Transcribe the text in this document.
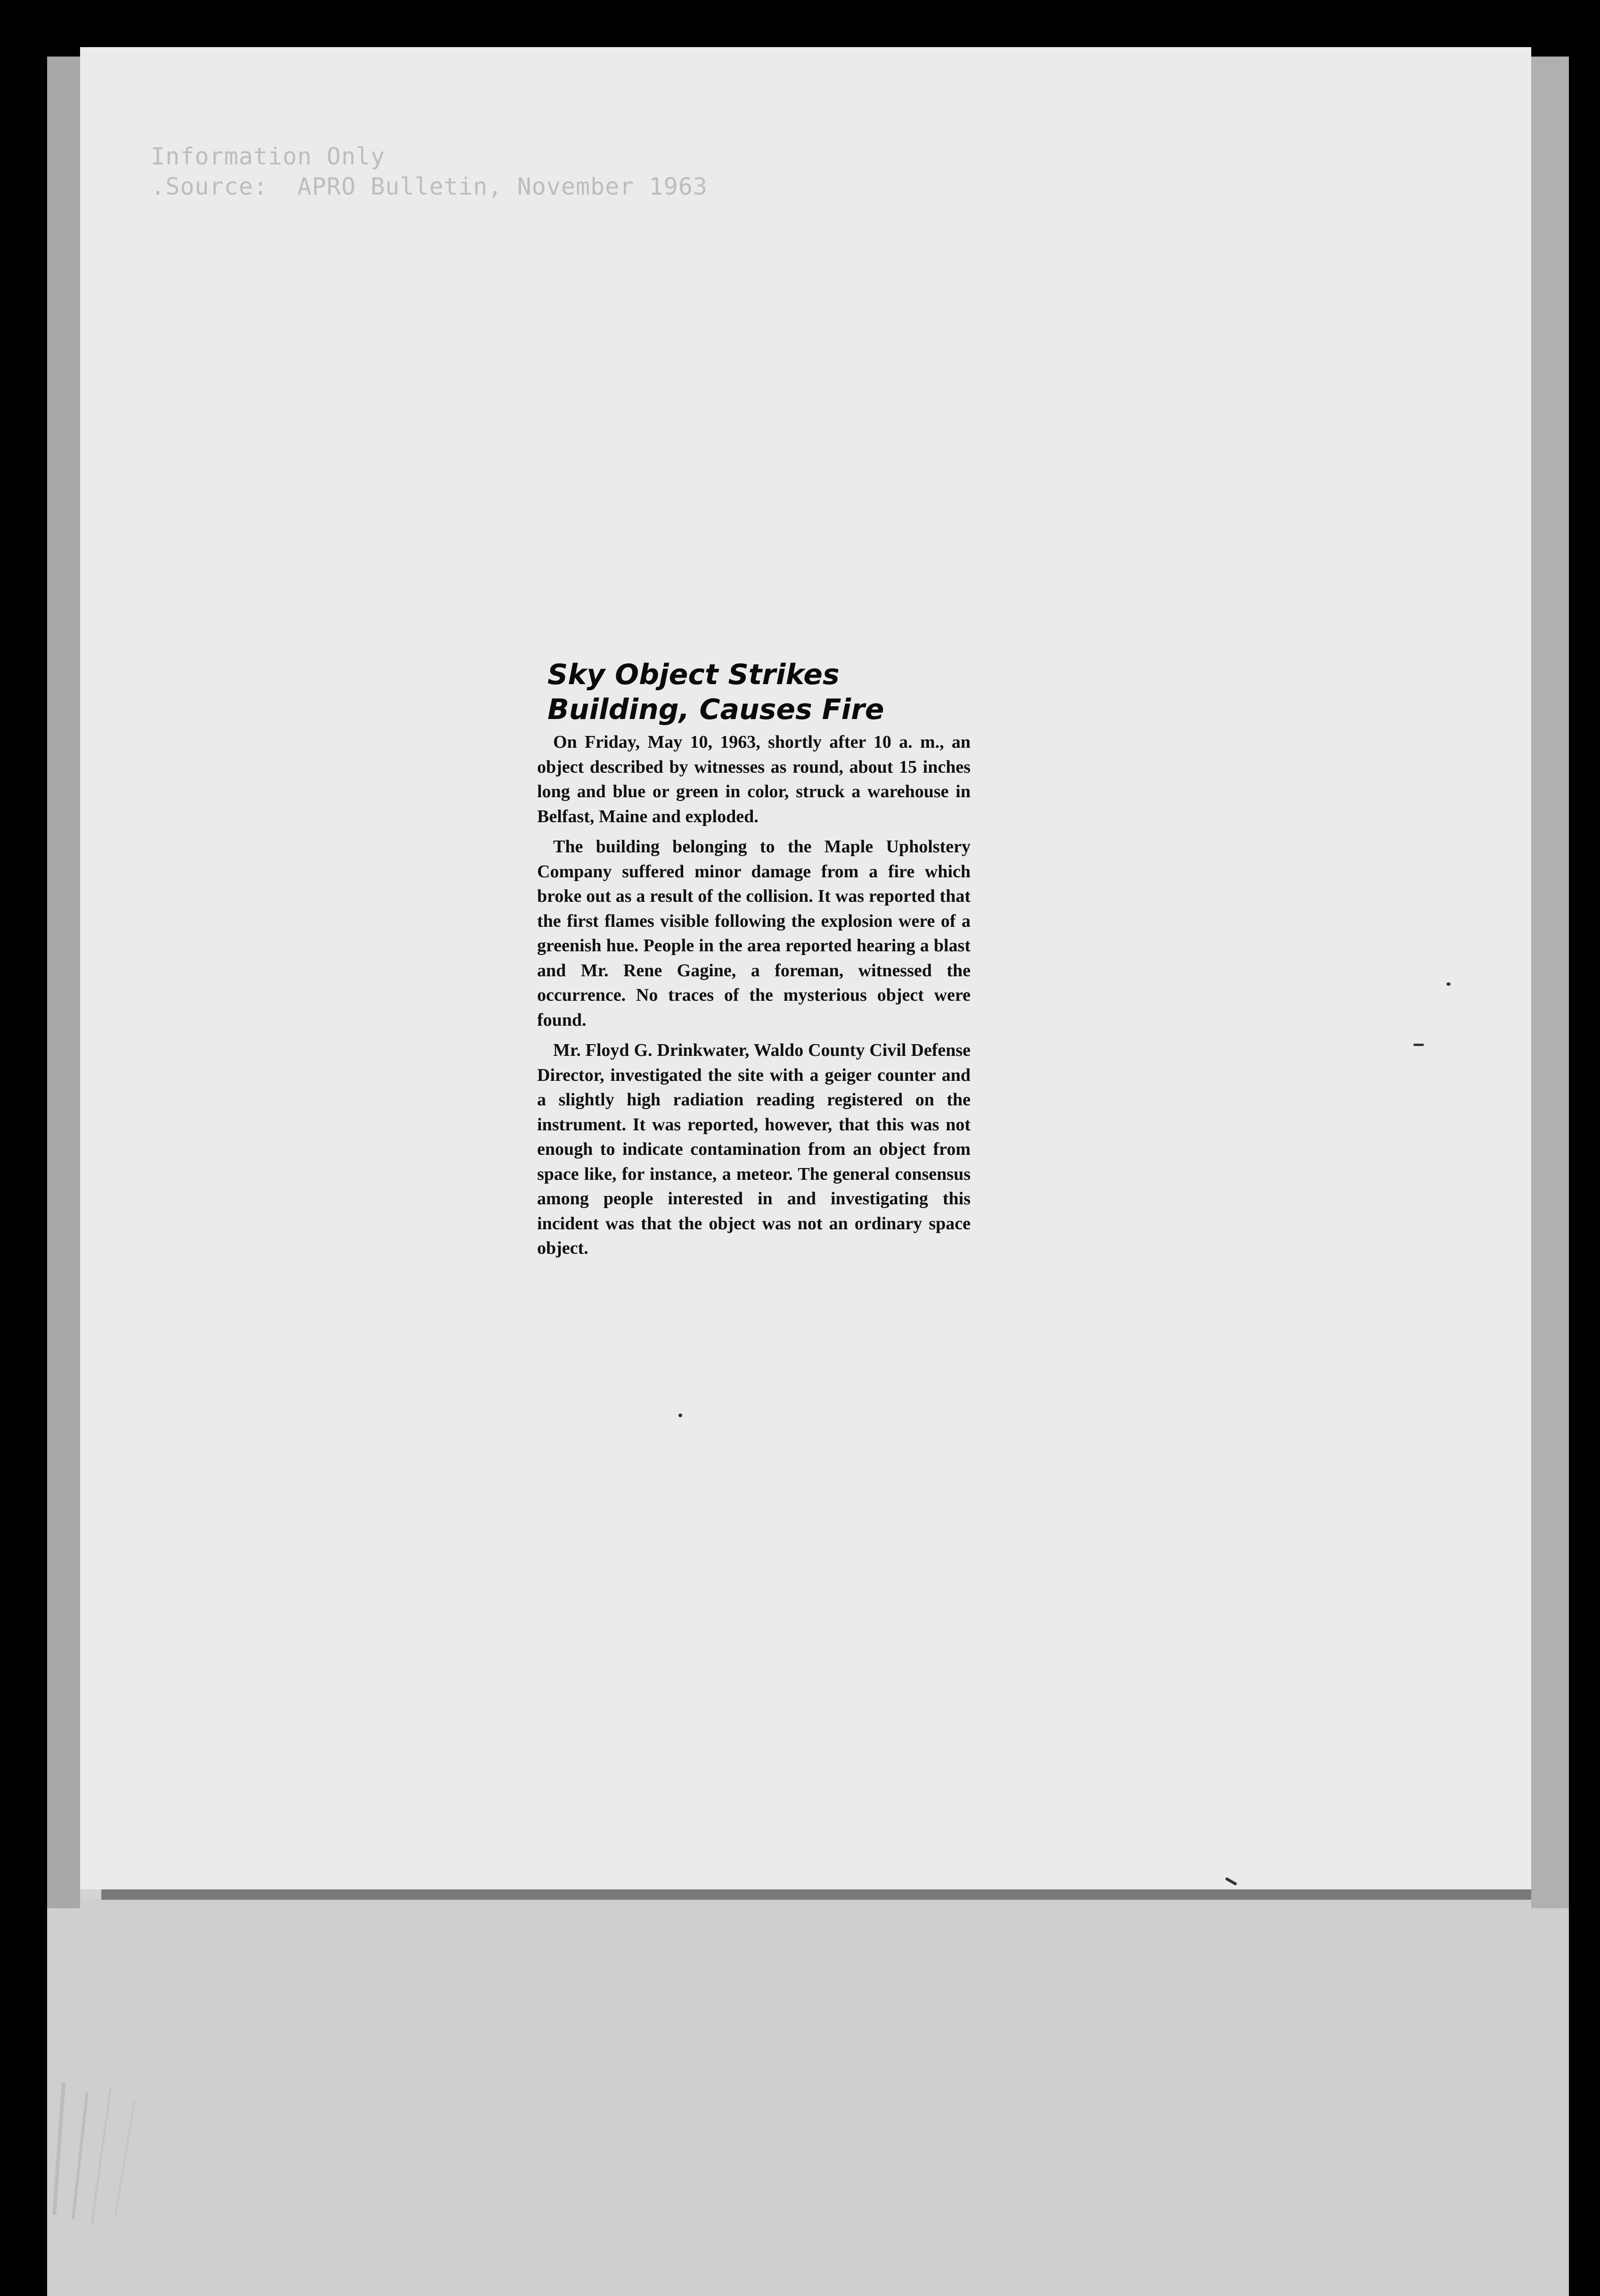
Information Only
.Source:  APRO Bulletin, November 1963
Sky Object Strikes
Building, Causes Fire

On Friday, May 10, 1963, shortly after 10 a. m., an object described by witnesses as round, about 15 inches long and blue or green in color, struck a warehouse in Belfast, Maine and exploded.

The building belonging to the Maple Upholstery Company suffered minor damage from a fire which broke out as a result of the collision. It was reported that the first flames visible following the explosion were of a greenish hue. People in the area reported hearing a blast and Mr. Rene Gagine, a foreman, witnessed the occurrence. No traces of the mysterious object were found.

Mr. Floyd G. Drinkwater, Waldo County Civil Defense Director, investigated the site with a geiger counter and a slightly high radiation reading registered on the instrument. It was reported, however, that this was not enough to indicate contamination from an object from space like, for instance, a meteor. The general consensus among people interested in and investigating this incident was that the object was not an ordinary space object.
